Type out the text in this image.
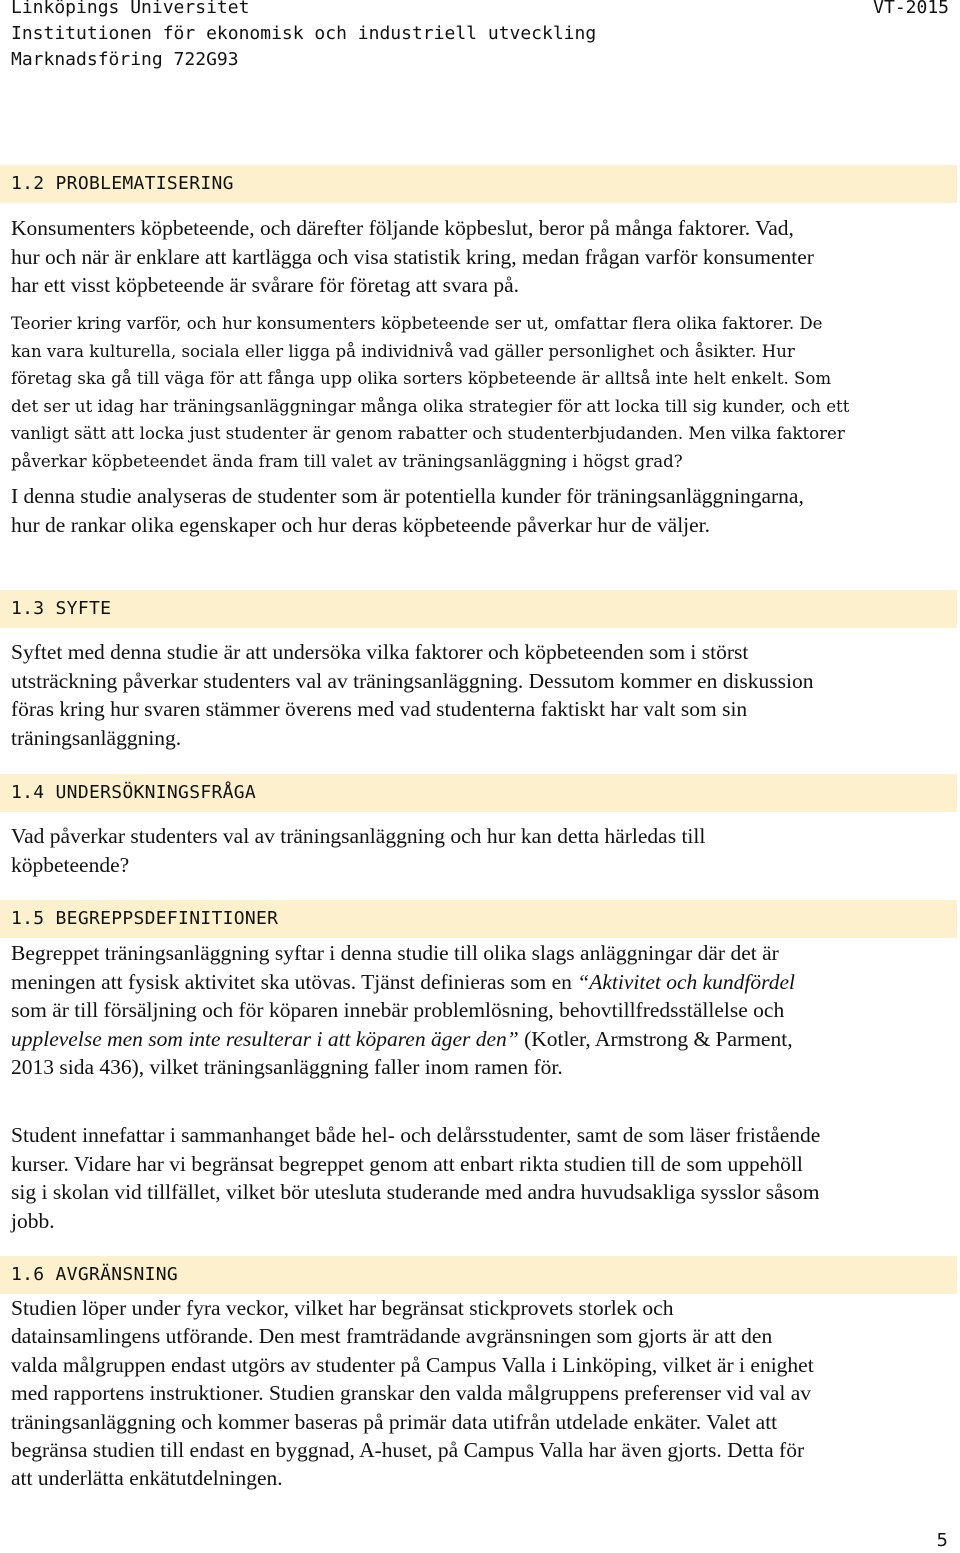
Linköpings Universitet
Institutionen för ekonomisk och industriell utveckling
Marknadsföring 722G93
VT-2015
1.2 PROBLEMATISERING
Konsumenters köpbeteende, och därefter följande köpbeslut, beror på många faktorer. Vad,
hur och när är enklare att kartlägga och visa statistik kring, medan frågan varför konsumenter
har ett visst köpbeteende är svårare för företag att svara på.
Teorier kring varför, och hur konsumenters köpbeteende ser ut, omfattar flera olika faktorer. De
kan vara kulturella, sociala eller ligga på individnivå vad gäller personlighet och åsikter. Hur
företag ska gå till väga för att fånga upp olika sorters köpbeteende är alltså inte helt enkelt. Som
det ser ut idag har träningsanläggningar många olika strategier för att locka till sig kunder, och ett
vanligt sätt att locka just studenter är genom rabatter och studenterbjudanden. Men vilka faktorer
påverkar köpbeteendet ända fram till valet av träningsanläggning i högst grad?
I denna studie analyseras de studenter som är potentiella kunder för träningsanläggningarna,
hur de rankar olika egenskaper och hur deras köpbeteende påverkar hur de väljer.
1.3 SYFTE
Syftet med denna studie är att undersöka vilka faktorer och köpbeteenden som i störst
utsträckning påverkar studenters val av träningsanläggning. Dessutom kommer en diskussion
föras kring hur svaren stämmer överens med vad studenterna faktiskt har valt som sin
träningsanläggning.
1.4 UNDERSÖKNINGSFRÅGA
Vad påverkar studenters val av träningsanläggning och hur kan detta härledas till
köpbeteende?
1.5 BEGREPPSDEFINITIONER
Begreppet träningsanläggning syftar i denna studie till olika slags anläggningar där det är
meningen att fysisk aktivitet ska utövas. Tjänst definieras som en “Aktivitet och kundfördel
som är till försäljning och för köparen innebär problemlösning, behovtillfredsställelse och
upplevelse men som inte resulterar i att köparen äger den” (Kotler, Armstrong & Parment,
2013 sida 436), vilket träningsanläggning faller inom ramen för.
Student innefattar i sammanhanget både hel- och delårsstudenter, samt de som läser fristående
kurser. Vidare har vi begränsat begreppet genom att enbart rikta studien till de som uppehöll
sig i skolan vid tillfället, vilket bör utesluta studerande med andra huvudsakliga sysslor såsom
jobb.
1.6 AVGRÄNSNING
Studien löper under fyra veckor, vilket har begränsat stickprovets storlek och
datainsamlingens utförande. Den mest framträdande avgränsningen som gjorts är att den
valda målgruppen endast utgörs av studenter på Campus Valla i Linköping, vilket är i enighet
med rapportens instruktioner. Studien granskar den valda målgruppens preferenser vid val av
träningsanläggning och kommer baseras på primär data utifrån utdelade enkäter. Valet att
begränsa studien till endast en byggnad, A-huset, på Campus Valla har även gjorts. Detta för
att underlätta enkätutdelningen.
5
